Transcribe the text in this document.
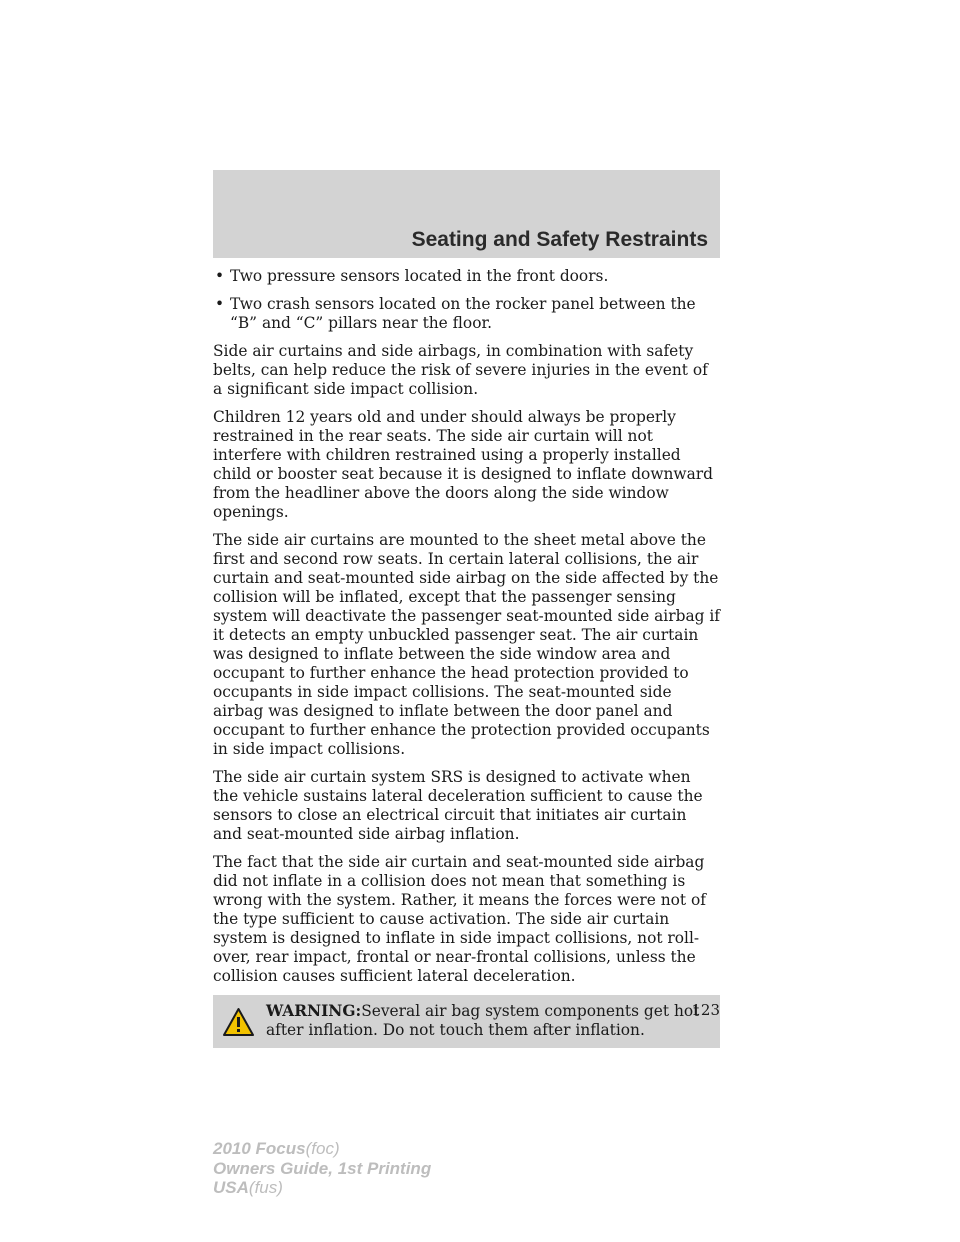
Seating and Safety Restraints
• Two pressure sensors located in the front doors.
• Two crash sensors located on the rocker panel between the “B” and “C” pillars near the floor.

Side air curtains and side airbags, in combination with safety belts, can help reduce the risk of severe injuries in the event of a significant side impact collision.

Children 12 years old and under should always be properly restrained in the rear seats. The side air curtain will not interfere with children restrained using a properly installed child or booster seat because it is designed to inflate downward from the headliner above the doors along the side window openings.

The side air curtains are mounted to the sheet metal above the first and second row seats. In certain lateral collisions, the air curtain and seat-mounted side airbag on the side affected by the collision will be inflated, except that the passenger sensing system will deactivate the passenger seat-mounted side airbag if it detects an empty unbuckled passenger seat. The air curtain was designed to inflate between the side window area and occupant to further enhance the head protection provided to occupants in side impact collisions. The seat-mounted side airbag was designed to inflate between the door panel and occupant to further enhance the protection provided occupants in side impact collisions.

The side air curtain system SRS is designed to activate when the vehicle sustains lateral deceleration sufficient to cause the sensors to close an electrical circuit that initiates air curtain and seat-mounted side airbag inflation.

The fact that the side air curtain and seat-mounted side airbag did not inflate in a collision does not mean that something is wrong with the system. Rather, it means the forces were not of the type sufficient to cause activation. The side air curtain system is designed to inflate in side impact collisions, not roll-over, rear impact, frontal or near-frontal collisions, unless the collision causes sufficient lateral deceleration.

WARNING:Several air bag system components get hot after inflation. Do not touch them after inflation.
123
2010 Focus(foc)
Owners Guide, 1st Printing
USA(fus)
